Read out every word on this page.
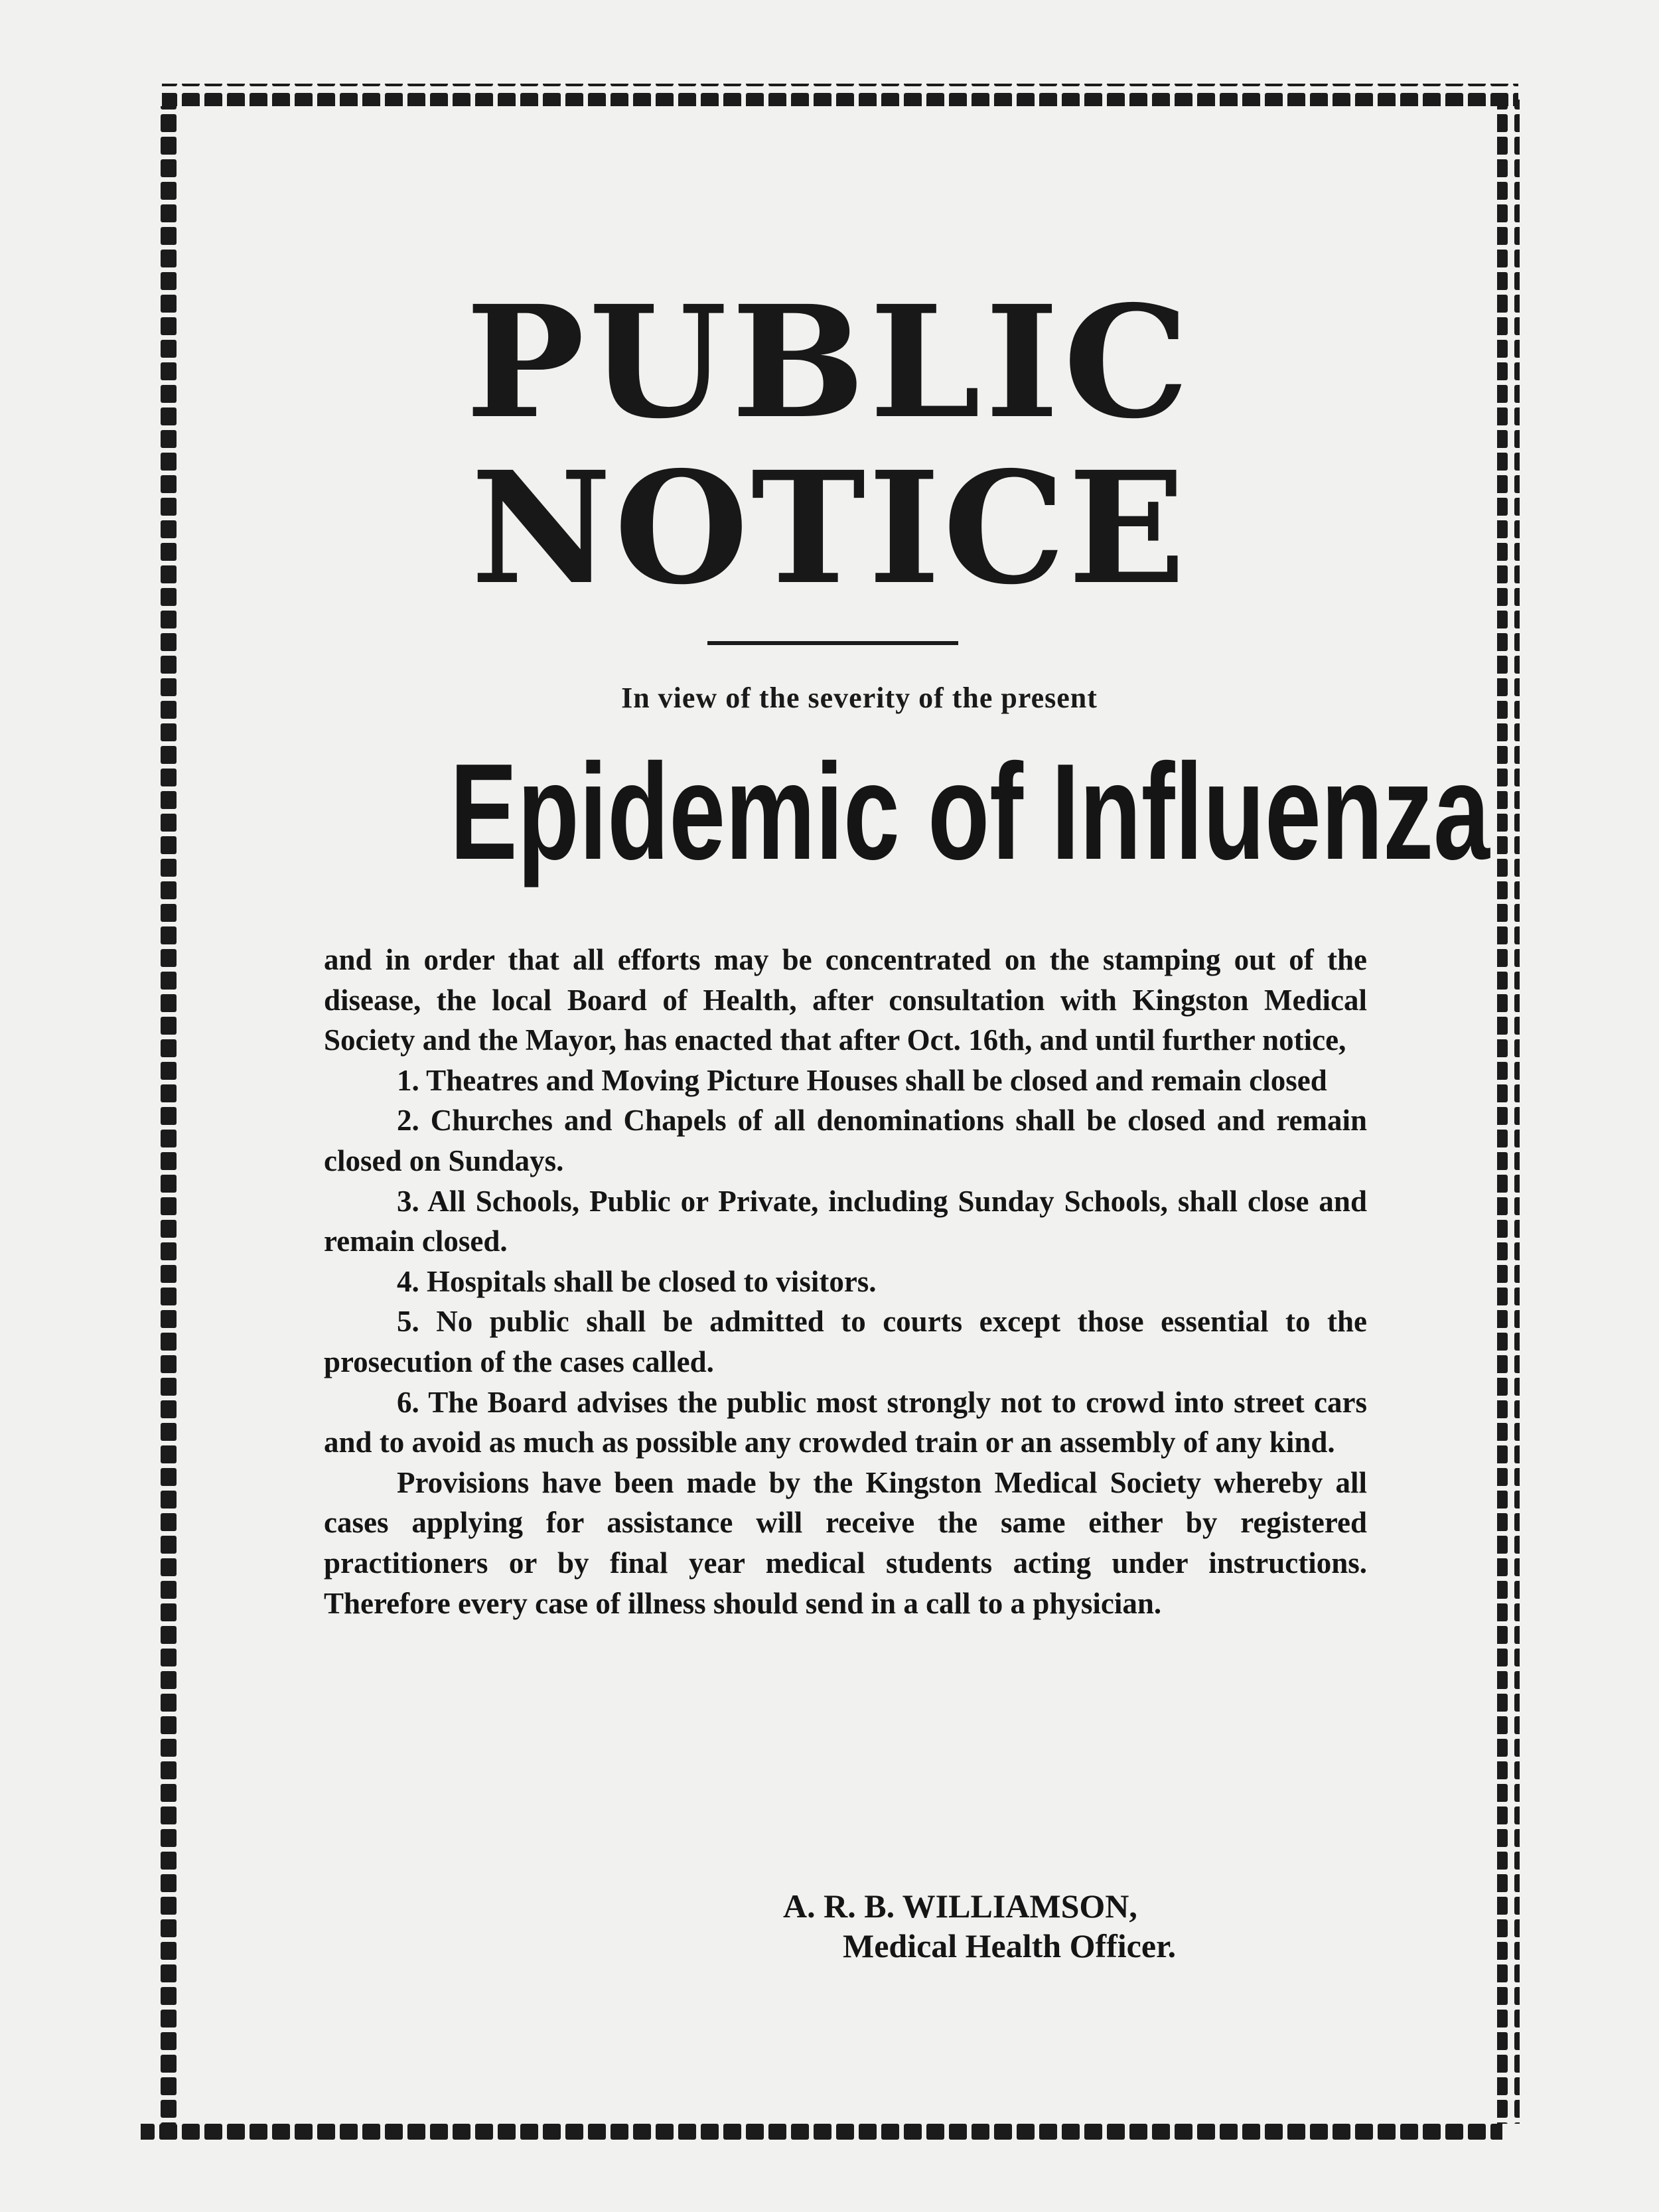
PUBLIC
NOTICE
In view of the severity of the present
Epidemic of Influenza

and in order that all efforts may be concentrated on the stamping out of the disease, the local Board of Health, after consultation with Kingston Medical Society and the Mayor, has enacted that after Oct. 16th, and until further notice,

1. Theatres and Moving Picture Houses shall be closed and remain closed

2. Churches and Chapels of all denominations shall be closed and remain closed on Sundays.

3. All Schools, Public or Private, including Sunday Schools, shall close and remain closed.

4. Hospitals shall be closed to visitors.

5. No public shall be admitted to courts except those essential to the prosecution of the cases called.

6. The Board advises the public most strongly not to crowd into street cars and to avoid as much as possible any crowded train or an assembly of any kind.

Provisions have been made by the Kingston Medical Society whereby all cases applying for assistance will receive the same either by registered practitioners or by final year medical students acting under instructions. Therefore every case of illness should send in a call to a physician.

A. R. B. WILLIAMSON,
Medical Health Officer.
